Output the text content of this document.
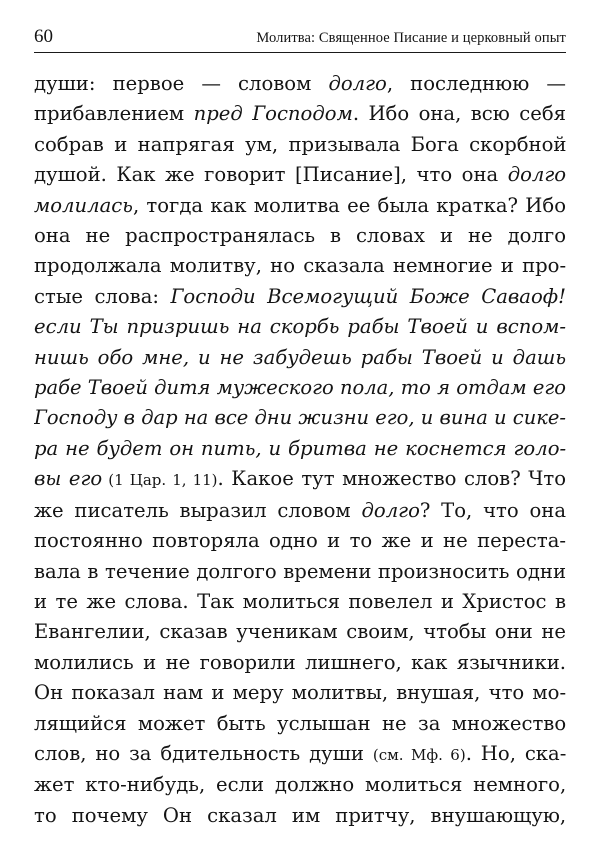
60	Молитва: Священное Писание и церковный опыт
души: первое — словом долго, последнюю —
прибавлением пред Господом. Ибо она, всю себя
собрав и напрягая ум, призывала Бога скорбной
душой. Как же говорит [Писание], что она долго
молилась, тогда как молитва ее была кратка? Ибо
она не распространялась в словах и не долго
продолжала молитву, но сказала немногие и про-
стые слова: Господи Всемогущий Боже Саваоф!
если Ты призришь на скорбь рабы Твоей и вспом-
нишь обо мне, и не забудешь рабы Твоей и дашь
рабе Твоей дитя мужеского пола, то я отдам его
Господу в дар на все дни жизни его, и вина и сике-
ра не будет он пить, и бритва не коснется голо-
вы его (1 Цар. 1, 11). Какое тут множество слов? Что
же писатель выразил словом долго? То, что она
постоянно повторяла одно и то же и не переста-
вала в течение долгого времени произносить одни
и те же слова. Так молиться повелел и Христос в
Евангелии, сказав ученикам своим, чтобы они не
молились и не говорили лишнего, как язычники.
Он показал нам и меру молитвы, внушая, что мо-
лящийся может быть услышан не за множество
слов, но за бдительность души (см. Мф. 6). Но, ска-
жет кто-нибудь, если должно молиться немного,
то почему Он сказал им притчу, внушающую,
